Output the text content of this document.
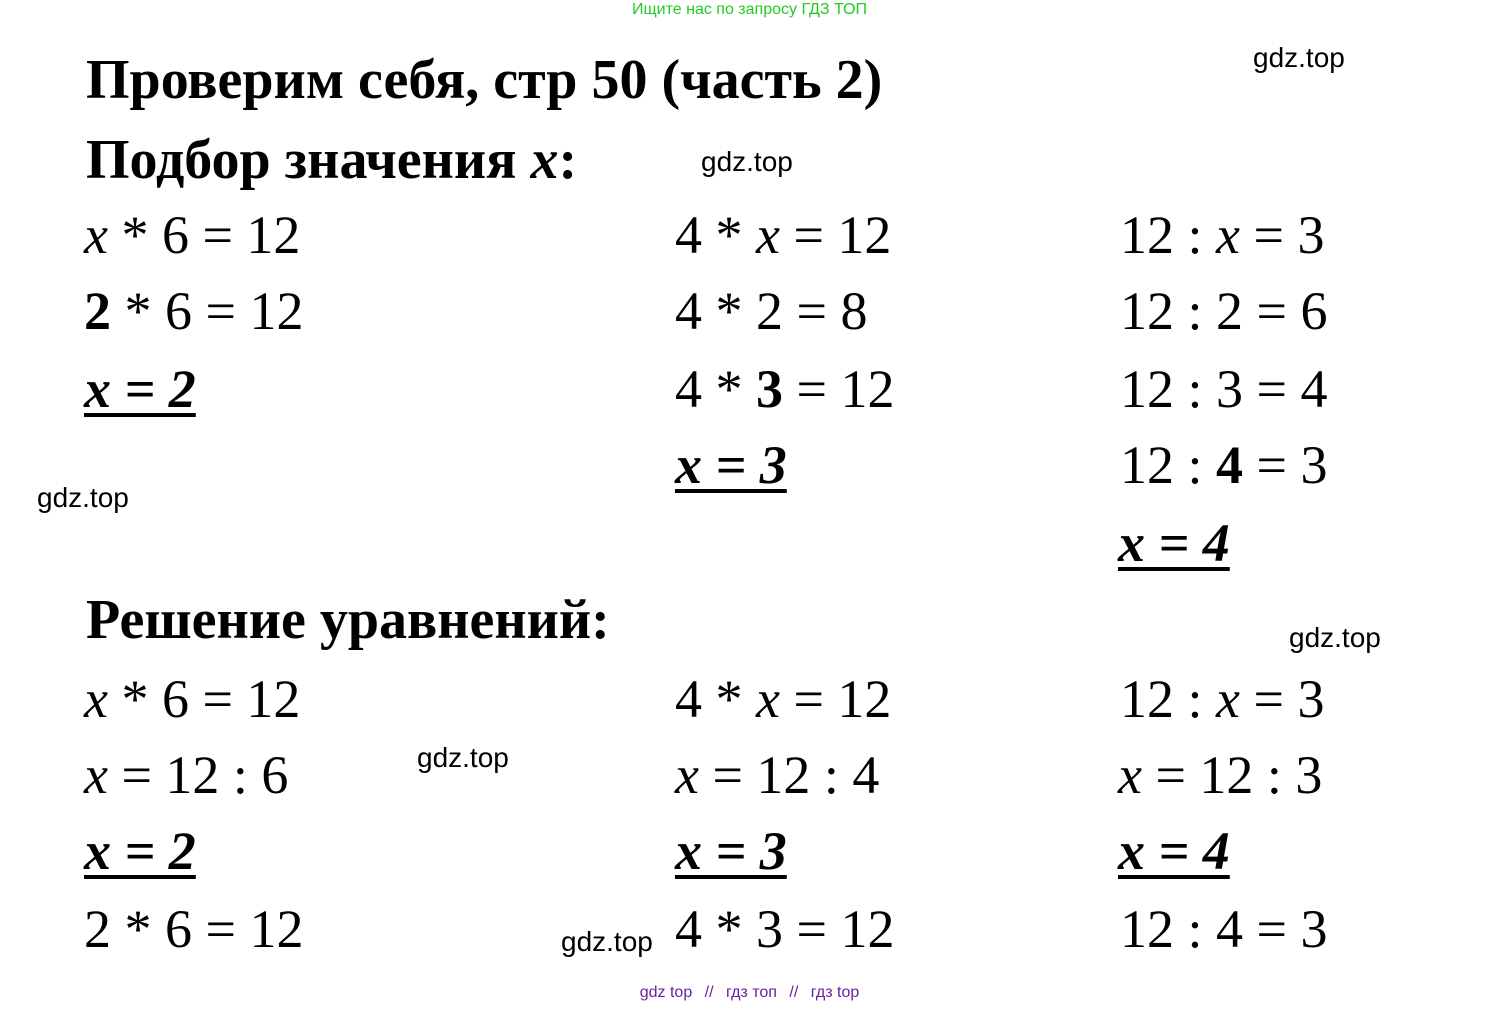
Ищите нас по запросу ГДЗ ТОП
gdz.top
gdz.top
gdz.top
gdz.top
gdz.top
gdz.top
Проверим себя, стр 50 (часть 2)
Подбор значения x:
x * 6 = 12
2 * 6 = 12
x = 2
4 * x = 12
4 * 2 = 8
4 * 3 = 12
x = 3
12 : x = 3
12 : 2 = 6
12 : 3 = 4
12 : 4 = 3
x = 4
Решение уравнений:
x * 6 = 12
x = 12 : 6
x = 2
2 * 6 = 12
4 * x = 12
x = 12 : 4
x = 3
4 * 3 = 12
12 : x = 3
x = 12 : 3
x = 4
12 : 4 = 3
gdz top // гдз топ // гдз top
